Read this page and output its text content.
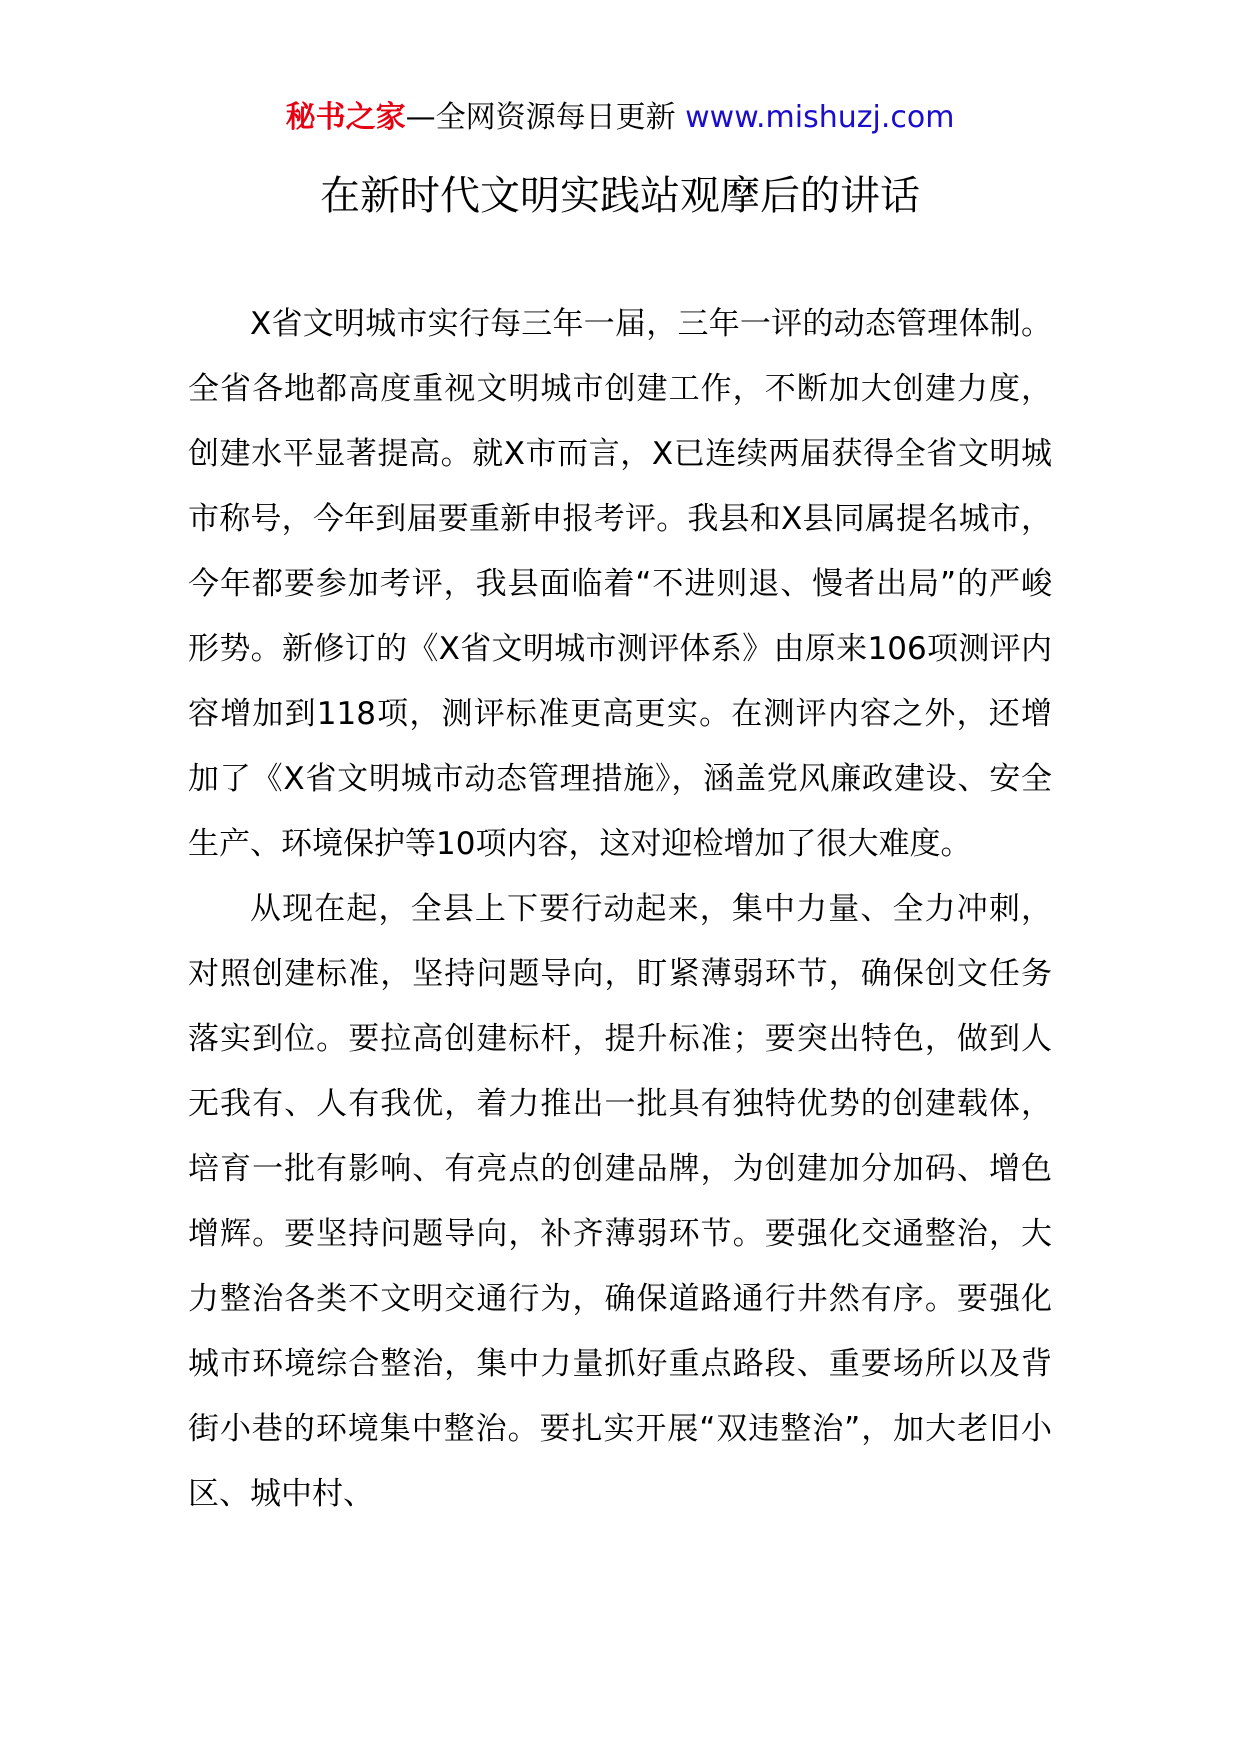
秘书之家—全网资源每日更新 www.mishuzj.com
在新时代文明实践站观摩后的讲话

X省文明城市实行每三年一届，三年一评的动态管理体制。全省各地都高度重视文明城市创建工作，不断加大创建力度，创建水平显著提高。就X市而言，X已连续两届获得全省文明城市称号，今年到届要重新申报考评。我县和X县同属提名城市，今年都要参加考评，我县面临着“不进则退、慢者出局”的严峻形势。新修订的《X省文明城市测评体系》由原来106项测评内容增加到118项，测评标准更高更实。在测评内容之外，还增加了《X省文明城市动态管理措施》，涵盖党风廉政建设、安全生产、环境保护等10项内容，这对迎检增加了很大难度。

从现在起，全县上下要行动起来，集中力量、全力冲刺，对照创建标准，坚持问题导向，盯紧薄弱环节，确保创文任务落实到位。要拉高创建标杆，提升标准；要突出特色，做到人无我有、人有我优，着力推出一批具有独特优势的创建载体，培育一批有影响、有亮点的创建品牌，为创建加分加码、增色增辉。要坚持问题导向，补齐薄弱环节。要强化交通整治，大力整治各类不文明交通行为，确保道路通行井然有序。要强化城市环境综合整治，集中力量抓好重点路段、重要场所以及背街小巷的环境集中整治。要扎实开展“双违整治”，加大老旧小区、城中村、
